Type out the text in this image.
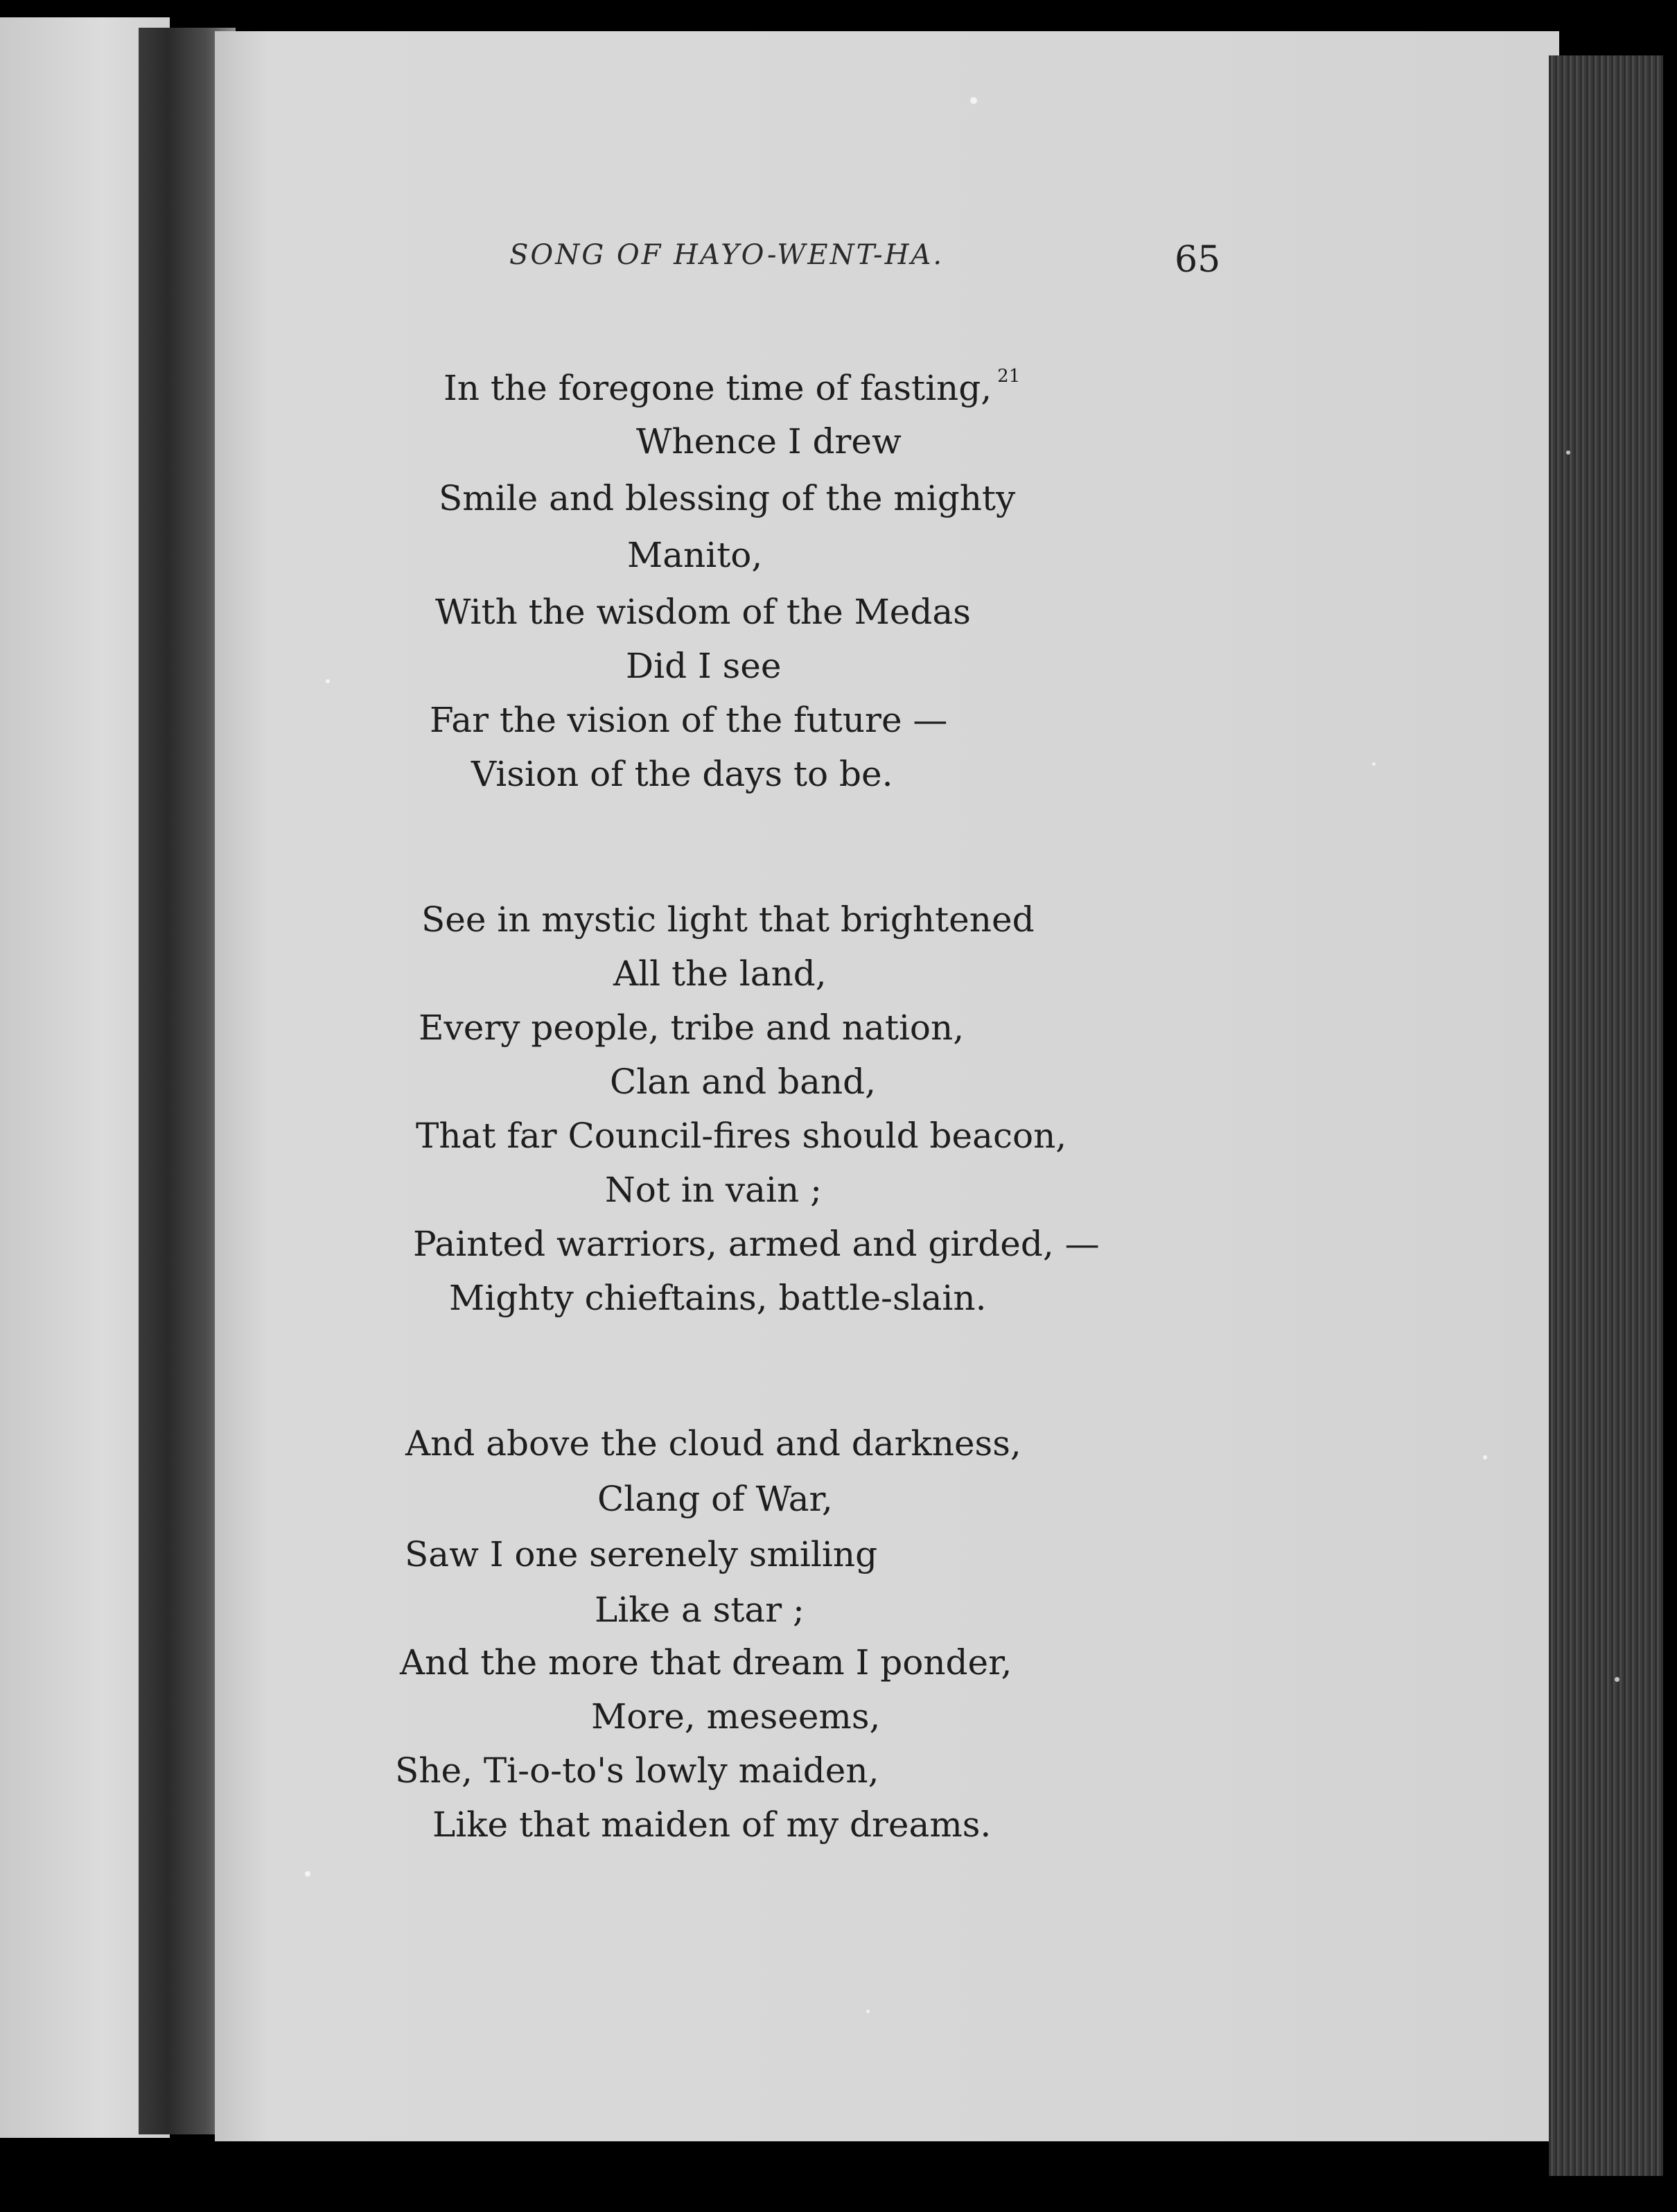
SONG OF HAYO-WENT-HA.	65
In the foregone time of fasting, $^{21}$
Whence I drew
Smile and blessing of the mighty
Manito,
With the wisdom of the Medas
Did I see
Far the vision of the future —
Vision of the days to be.
See in mystic light that brightened
All the land,
Every people, tribe and nation,
Clan and band,
That far Council-fires should beacon,
Not in vain ;
Painted warriors, armed and girded, —
Mighty chieftains, battle-slain.
And above the cloud and darkness,
Clang of War,
Saw I one serenely smiling
Like a star ;
And the more that dream I ponder,
More, meseems,
She, Ti-o-to's lowly maiden,
Like that maiden of my dreams.
